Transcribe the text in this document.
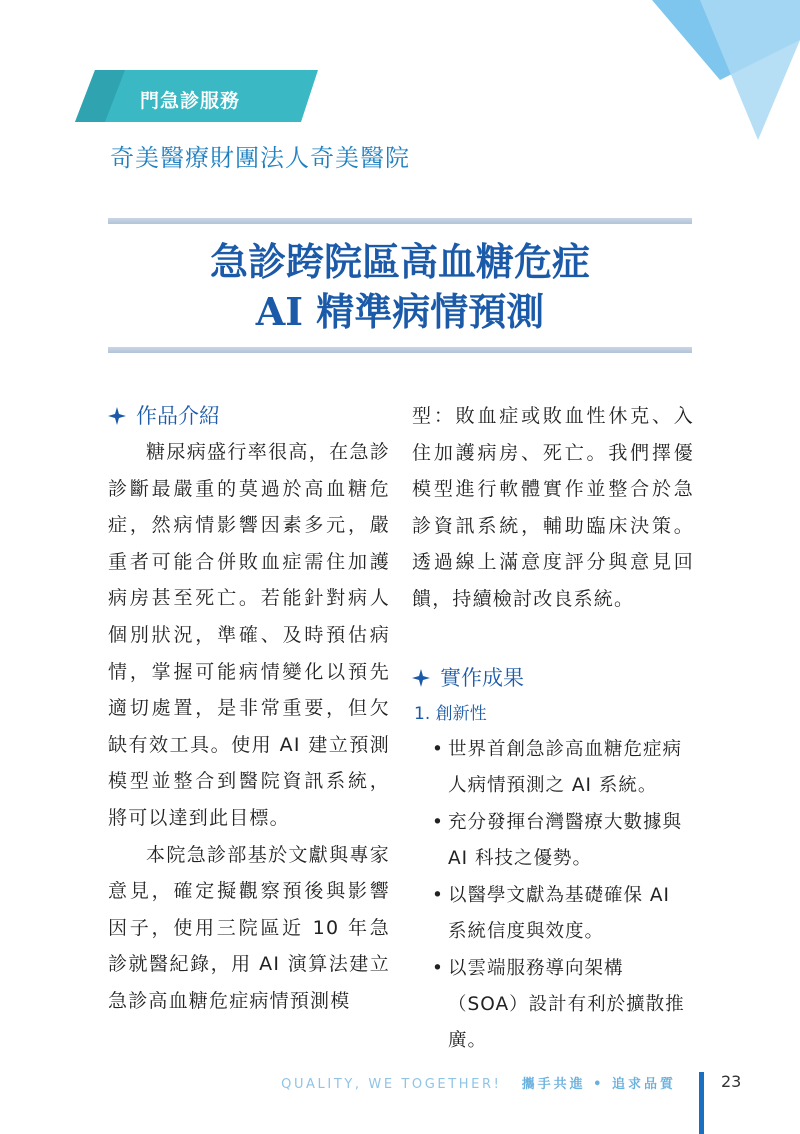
門急診服務
奇美醫療財團法人奇美醫院
急診跨院區高血糖危症
AI 精準病情預測
作品介紹

糖尿病盛行率很高，在急診診斷最嚴重的莫過於高血糖危症，然病情影響因素多元，嚴重者可能合併敗血症需住加護病房甚至死亡。若能針對病人個別狀況，準確、及時預估病情，掌握可能病情變化以預先適切處置，是非常重要，但欠缺有效工具。使用 AI 建立預測模型並整合到醫院資訊系統，將可以達到此目標。

本院急診部基於文獻與專家意見，確定擬觀察預後與影響因子，使用三院區近 10 年急診就醫紀錄，用 AI 演算法建立急診高血糖危症病情預測模

型：敗血症或敗血性休克、入住加護病房、死亡。我們擇優模型進行軟體實作並整合於急診資訊系統，輔助臨床決策。透過線上滿意度評分與意見回饋，持續檢討改良系統。

實作成果
1. 創新性
• 世界首創急診高血糖危症病人病情預測之 AI 系統。
• 充分發揮台灣醫療大數據與 AI 科技之優勢。
• 以醫學文獻為基礎確保 AI 系統信度與效度。
• 以雲端服務導向架構（SOA）設計有利於擴散推廣。
QUALITY, WE TOGETHER! 攜手共進 • 追求品質	23
